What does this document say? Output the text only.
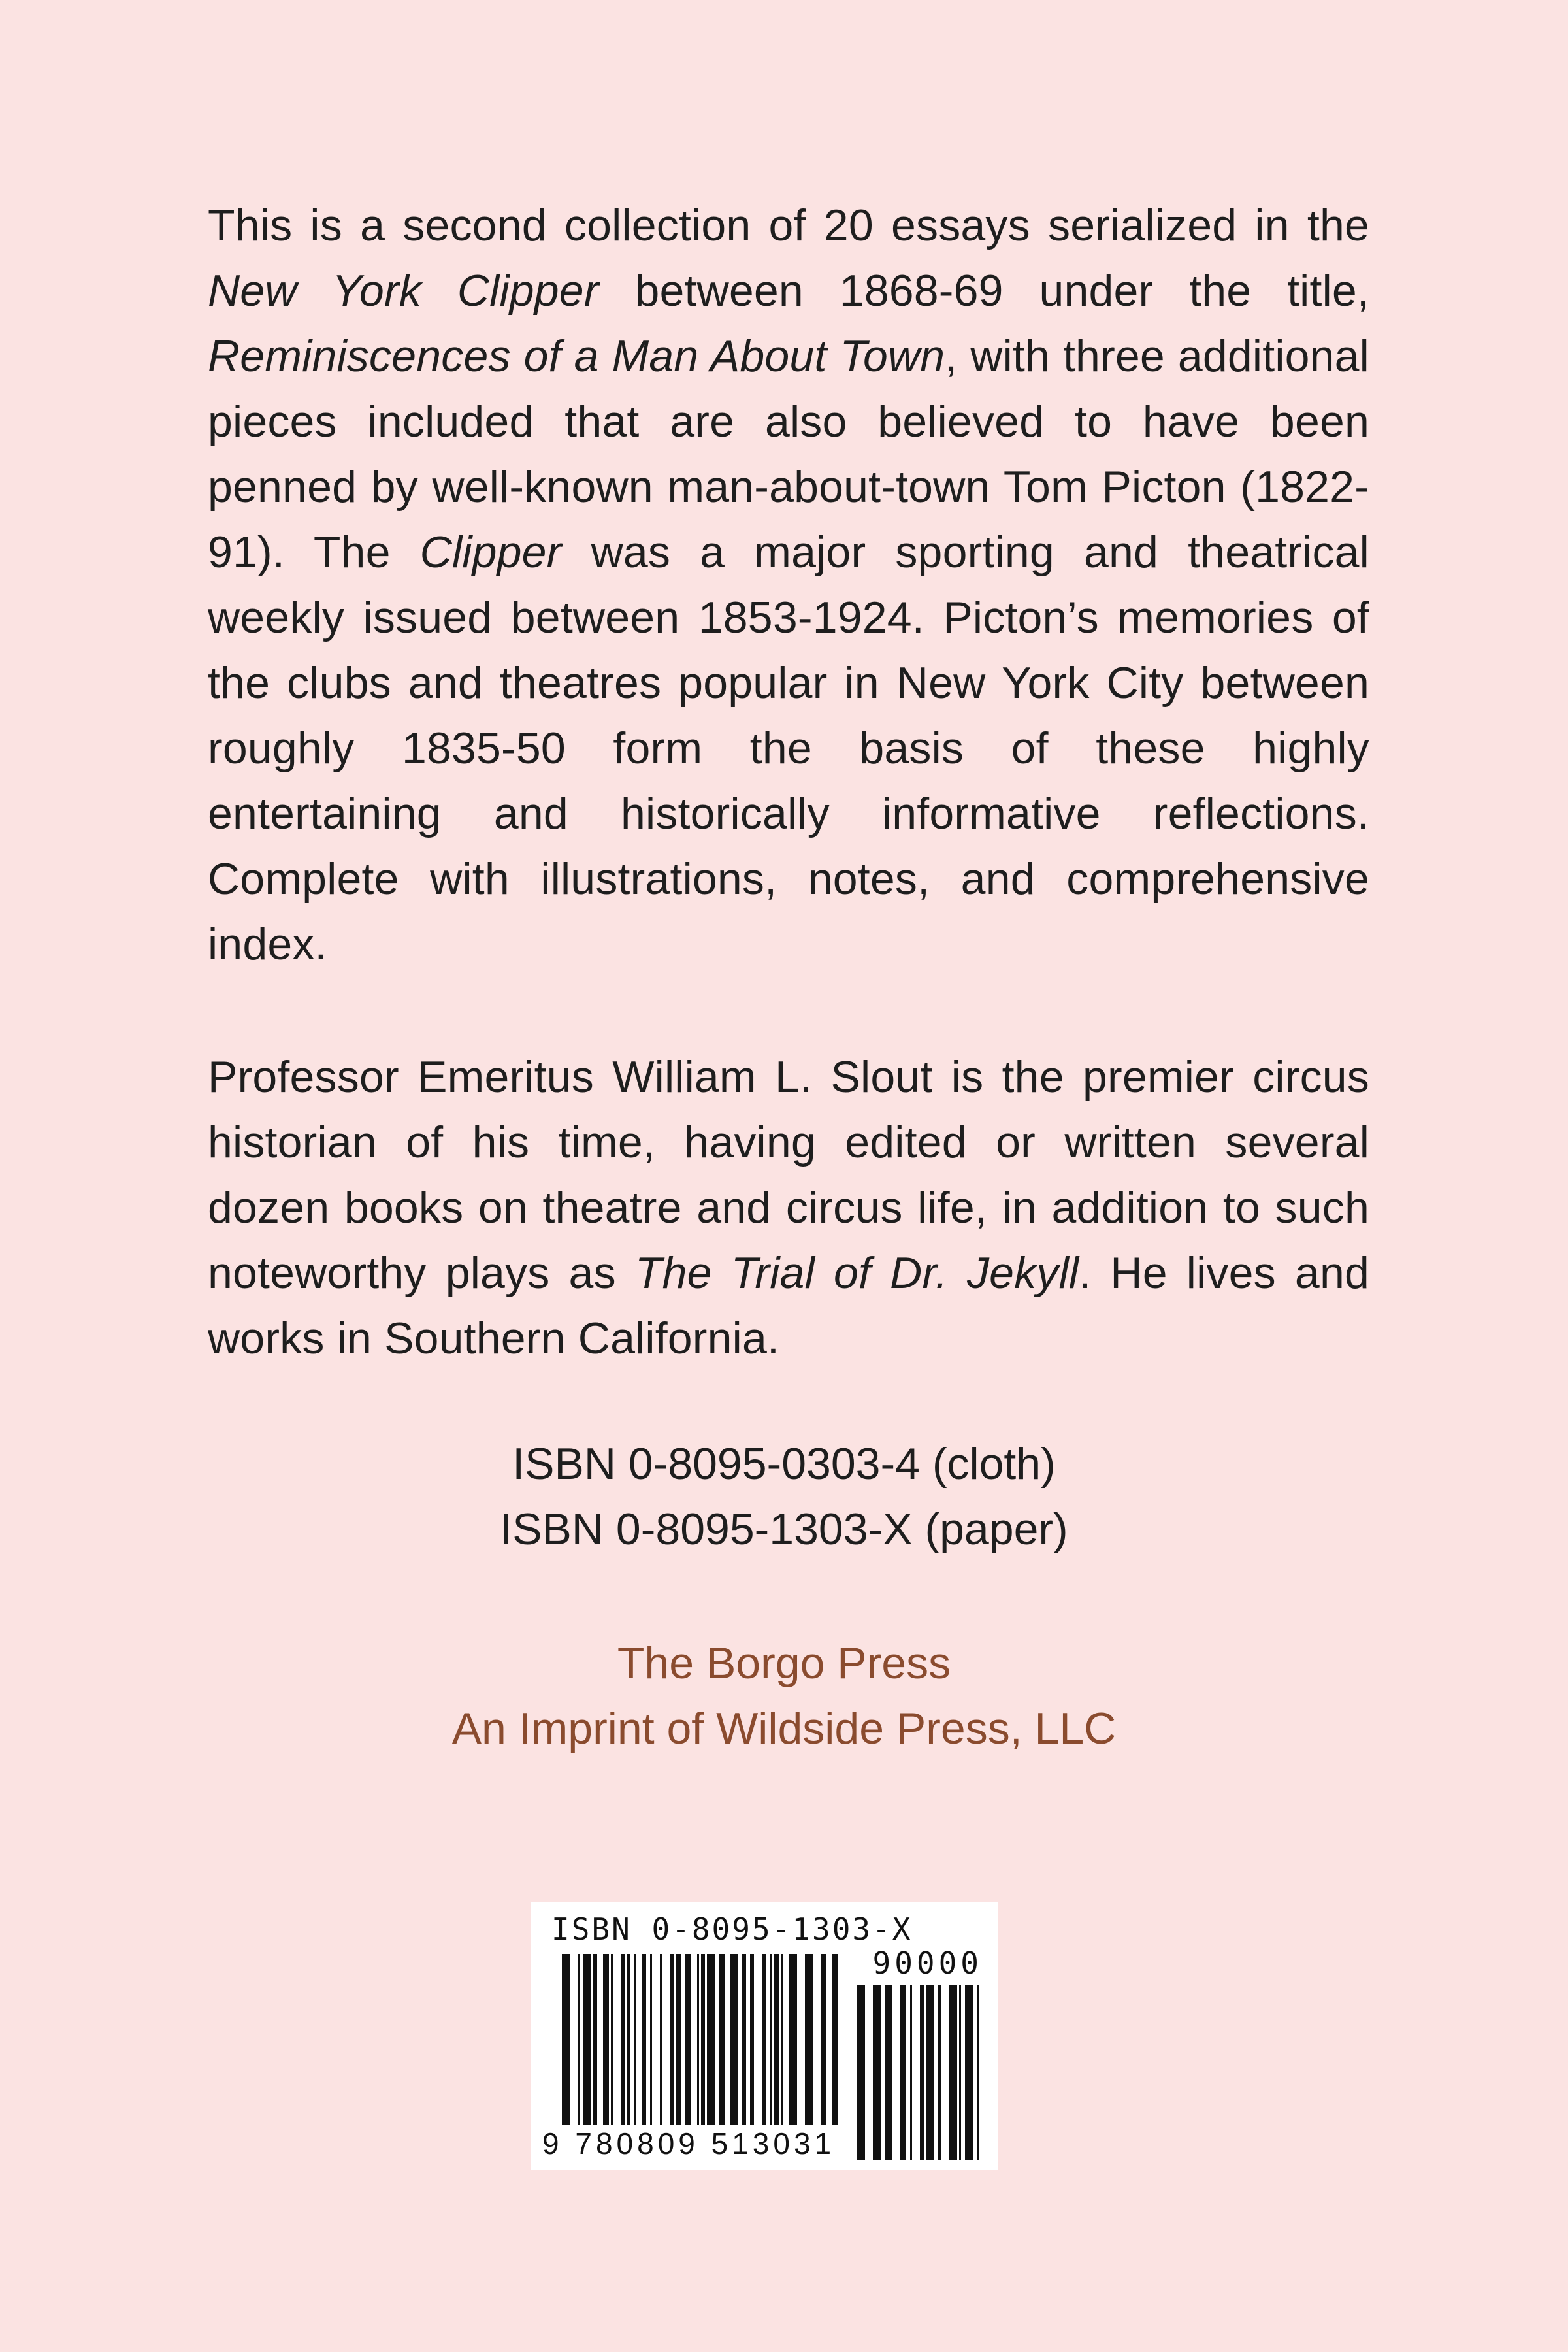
This is a second collection of 20 essays serialized in the New York Clipper between 1868-69 under the title, Reminiscences of a Man About Town, with three additional pieces included that are also believed to have been penned by well-known man-about-town Tom Picton (1822-91). The Clipper was a major sporting and theatrical weekly issued between 1853-1924. Picton’s memories of the clubs and theatres popular in New York City between roughly 1835-50 form the basis of these highly entertaining and historically informative reflections. Complete with illustrations, notes, and comprehensive index.

Professor Emeritus William L. Slout is the premier circus historian of his time, having edited or written several dozen books on theatre and circus life, in addition to such noteworthy plays as The Trial of Dr. Jekyll. He lives and works in Southern California.

ISBN 0-8095-0303-4 (cloth)
ISBN 0-8095-1303-X (paper)
The Borgo Press
An Imprint of Wildside Press, LLC
ISBN 0-8095-1303-X
90000
9 780809 513031
